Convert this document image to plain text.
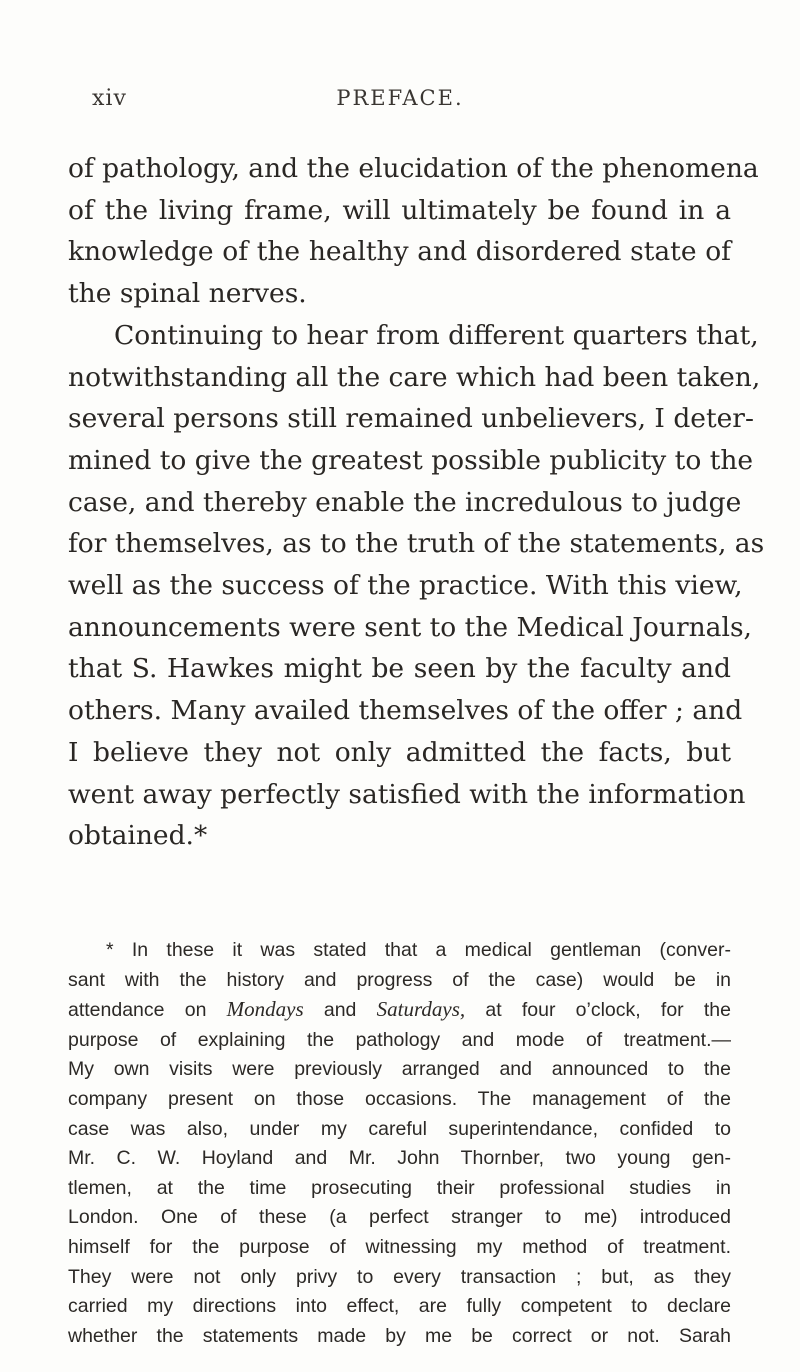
xiv	PREFACE.
of pathology, and the elucidation of the phenomena
of the living frame, will ultimately be found in a
knowledge of the healthy and disordered state of
the spinal nerves.
Continuing to hear from different quarters that,
notwithstanding all the care which had been taken,
several persons still remained unbelievers, I deter-
mined to give the greatest possible publicity to the
case, and thereby enable the incredulous to judge
for themselves, as to the truth of the statements, as
well as the success of the practice. With this view,
announcements were sent to the Medical Journals,
that S. Hawkes might be seen by the faculty and
others. Many availed themselves of the offer ; and
I believe they not only admitted the facts, but
went away perfectly satisfied with the information
obtained.*
* In these it was stated that a medical gentleman (conver-
sant with the history and progress of the case) would be in
attendance on Mondays and Saturdays, at four o’clock, for the
purpose of explaining the pathology and mode of treatment.—
My own visits were previously arranged and announced to the
company present on those occasions. The management of the
case was also, under my careful superintendance, confided to
Mr. C. W. Hoyland and Mr. John Thornber, two young gen-
tlemen, at the time prosecuting their professional studies in
London. One of these (a perfect stranger to me) introduced
himself for the purpose of witnessing my method of treatment.
They were not only privy to every transaction ; but, as they
carried my directions into effect, are fully competent to declare
whether the statements made by me be correct or not. Sarah
